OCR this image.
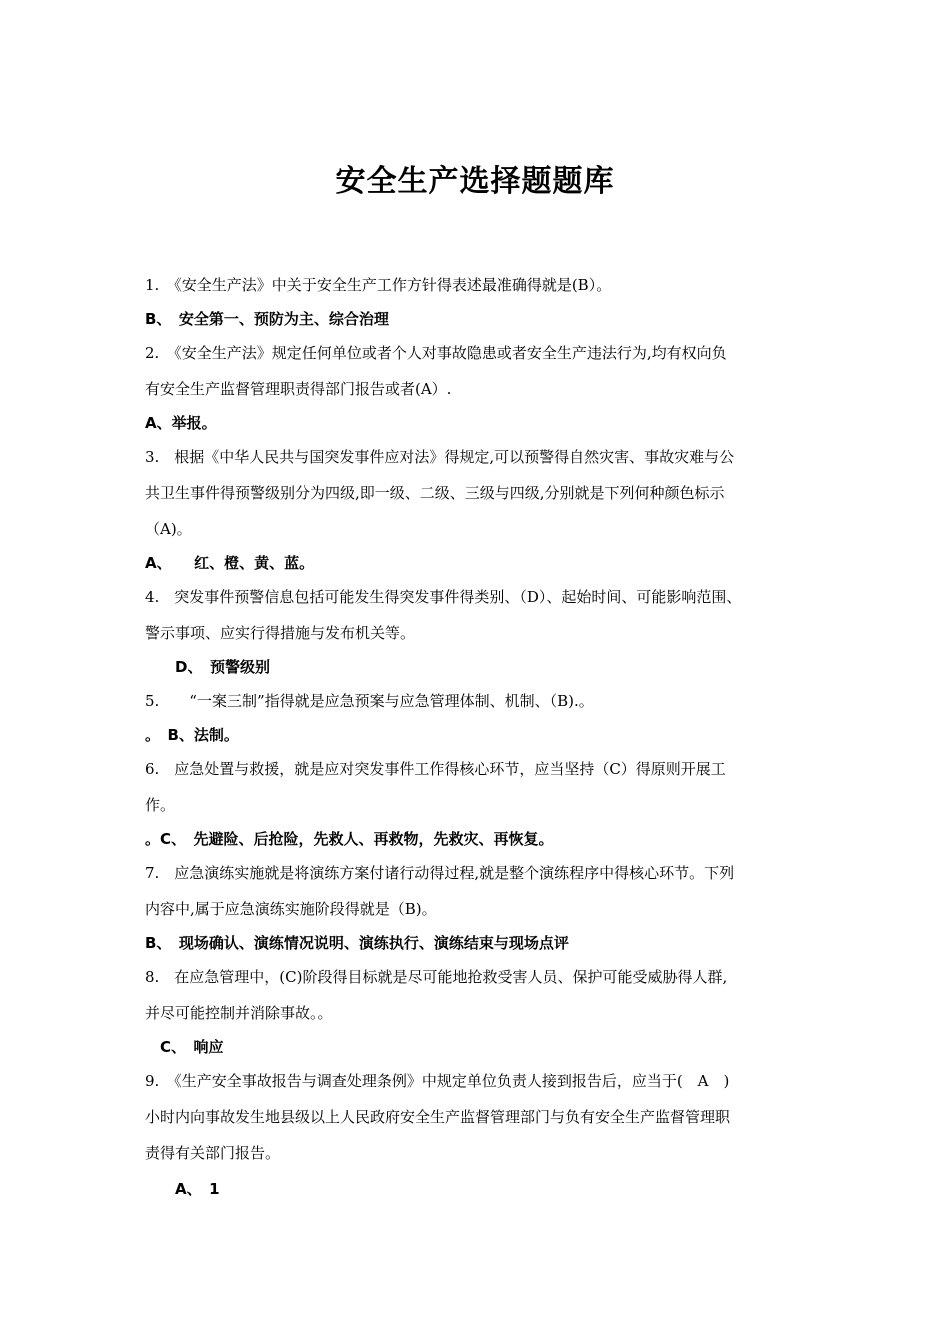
安全生产选择题题库
1.　《安全生产法》中关于安全生产工作方针得表述最准确得就是(B）。
B、　安全第一、预防为主、综合治理
2.　《安全生产法》规定任何单位或者个人对事故隐患或者安全生产违法行为,均有权向负
有安全生产监督管理职责得部门报告或者(A）.
A、举报。
3.　根据《中华人民共与国突发事件应对法》得规定,可以预警得自然灾害、事故灾难与公
共卫生事件得预警级别分为四级,即一级、二级、三级与四级,分别就是下列何种颜色标示
（A)。
A、　　红、橙、黄、蓝。
4.　突发事件预警信息包括可能发生得突发事件得类别、（D）、起始时间、可能影响范围、
警示事项、应实行得措施与发布机关等。
　　D、　预警级别
5.　　“一案三制”指得就是应急预案与应急管理体制、机制、（B).。
。　B、法制。
6.　应急处置与救援，就是应对突发事件工作得核心环节，应当坚持（C）得原则开展工
作。
。C、　先避险、后抢险，先救人、再救物，先救灾、再恢复。
7.　应急演练实施就是将演练方案付诸行动得过程,就是整个演练程序中得核心环节。下列
内容中,属于应急演练实施阶段得就是（B)。
B、　现场确认、演练情况说明、演练执行、演练结束与现场点评
8.　在应急管理中，(C)阶段得目标就是尽可能地抢救受害人员、保护可能受威胁得人群,
并尽可能控制并消除事故。。
　C、　响应
9.　《生产安全事故报告与调查处理条例》中规定单位负责人接到报告后，应当于(　A　)
小时内向事故发生地县级以上人民政府安全生产监督管理部门与负有安全生产监督管理职
责得有关部门报告。
　　A、　1
